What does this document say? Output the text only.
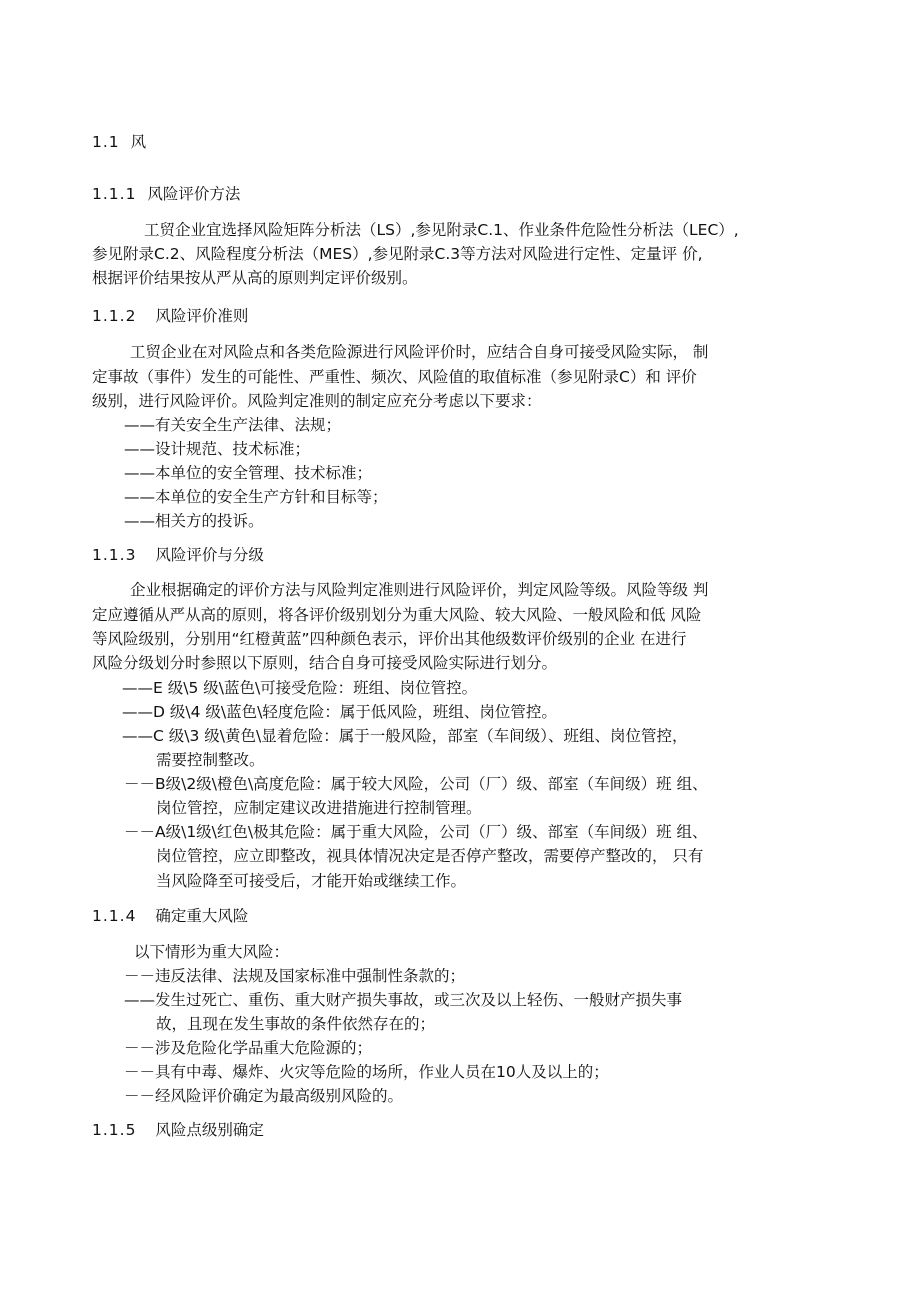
1.1 风
1.1.1 风险评价方法
工贸企业宜选择风险矩阵分析法（LS）,参见附录C.1、作业条件危险性分析法（LEC）,
参见附录C.2、风险程度分析法（MES）,参见附录C.3等方法对风险进行定性、定量评 价,
根据评价结果按从严从高的原则判定评价级别。
1.1.2 风险评价准则
工贸企业在对风险点和各类危险源进行风险评价时，应结合自身可接受风险实际， 制
定事故（事件）发生的可能性、严重性、频次、风险值的取值标准（参见附录C）和 评价
级别，进行风险评价。风险判定准则的制定应充分考虑以下要求：
——有关安全生产法律、法规；
——设计规范、技术标准；
——本单位的安全管理、技术标准；
——本单位的安全生产方针和目标等；
——相关方的投诉。
1.1.3 风险评价与分级
企业根据确定的评价方法与风险判定准则进行风险评价，判定风险等级。风险等级 判
定应遵循从严从高的原则，将各评价级别划分为重大风险、较大风险、一般风险和低 风险
等风险级别，分别用“红橙黄蓝”四种颜色表示，评价出其他级数评价级别的企业 在进行
风险分级划分时参照以下原则，结合自身可接受风险实际进行划分。
——E 级\5 级\蓝色\可接受危险：班组、岗位管控。
——D 级\4 级\蓝色\轻度危险：属于低风险，班组、岗位管控。
——C 级\3 级\黄色\显着危险：属于一般风险，部室（车间级）、班组、岗位管控，
需要控制整改。
－－B级\2级\橙色\高度危险：属于较大风险，公司（厂）级、部室（车间级）班 组、
岗位管控，应制定建议改进措施进行控制管理。
－－A级\1级\红色\极其危险：属于重大风险，公司（厂）级、部室（车间级）班 组、
岗位管控，应立即整改，视具体情况决定是否停产整改，需要停产整改的， 只有
当风险降至可接受后，才能开始或继续工作。
1.1.4 确定重大风险
以下情形为重大风险：
－－违反法律、法规及国家标准中强制性条款的；
——发生过死亡、重伤、重大财产损失事故，或三次及以上轻伤、一般财产损失事
故，且现在发生事故的条件依然存在的；
－－涉及危险化学品重大危险源的；
－－具有中毒、爆炸、火灾等危险的场所，作业人员在10人及以上的；
－－经风险评价确定为最高级别风险的。
1.1.5 风险点级别确定
